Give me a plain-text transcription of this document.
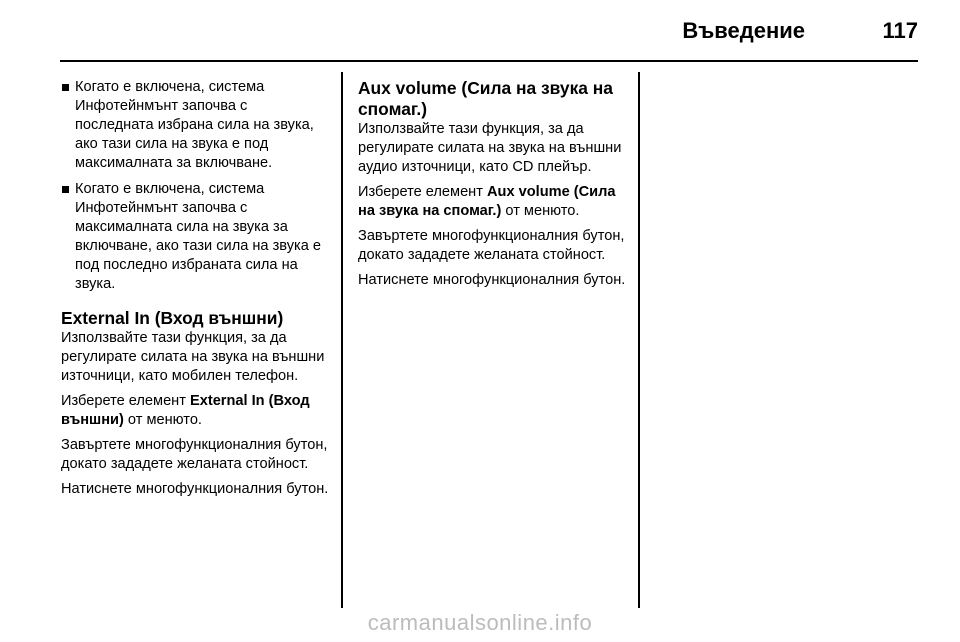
Въведение	117
Когато е включена, система Инфотейнмънт започва с последната избрана сила на звука, ако тази сила на звука е под максималната за включване.
Когато е включена, система Инфотейнмънт започва с максималната сила на звука за включване, ако тази сила на звука е под последно избраната сила на звука.
External In (Вход външни)

Използвайте тази функция, за да регулирате силата на звука на външни източници, като мобилен телефон.

Изберете елемент External In (Вход външни) от менюто.

Завъртете многофункционалния бутон, докато зададете желаната стойност.

Натиснете многофункционалния бутон.

Aux volume (Сила на звука на спомаг.)

Използвайте тази функция, за да регулирате силата на звука на външни аудио източници, като CD плейър.

Изберете елемент Aux volume (Сила на звука на спомаг.) от менюто.

Завъртете многофункционалния бутон, докато зададете желаната стойност.

Натиснете многофункционалния бутон.

carmanualsonline.info
